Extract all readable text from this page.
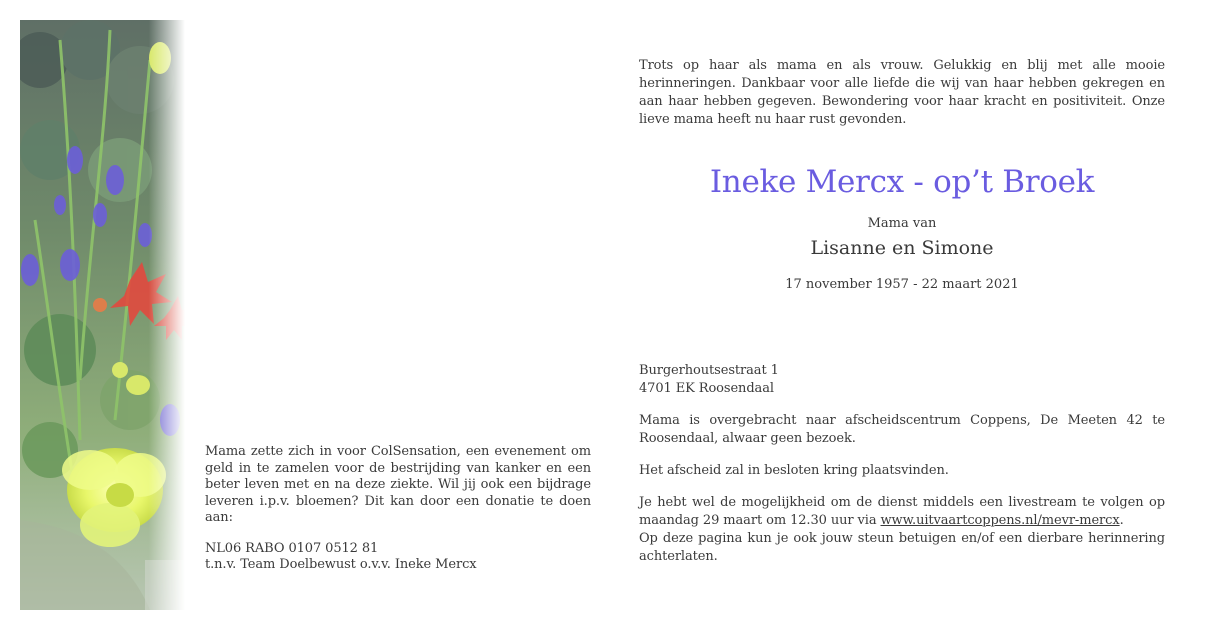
Mama zette zich in voor ColSensation, een evenement om geld in te zamelen voor de bestrijding van kanker en een beter leven met en na deze ziekte. Wil jij ook een bijdrage leveren i.p.v. bloemen? Dit kan door een donatie te doen aan:

NL06 RABO 0107 0512 81
t.n.v. Team Doelbewust o.v.v. Ineke Mercx

Trots op haar als mama en als vrouw. Gelukkig en blij met alle mooie herinneringen. Dankbaar voor alle liefde die wij van haar hebben gekregen en aan haar hebben gegeven. Bewondering voor haar kracht en positiviteit. Onze lieve mama heeft nu haar rust gevonden.
Ineke Mercx - op’t Broek
Mama van
Lisanne en Simone
17 november 1957 - 22 maart 2021

Burgerhoutsestraat 1
4701 EK Roosendaal

Mama is overgebracht naar afscheidscentrum Coppens, De Meeten 42 te Roosendaal, alwaar geen bezoek.

Het afscheid zal in besloten kring plaatsvinden.

Je hebt wel de mogelijkheid om de dienst middels een livestream te volgen op maandag 29 maart om 12.30 uur via www.uitvaartcoppens.nl/mevr-mercx.
Op deze pagina kun je ook jouw steun betuigen en/of een dierbare herinnering achterlaten.
